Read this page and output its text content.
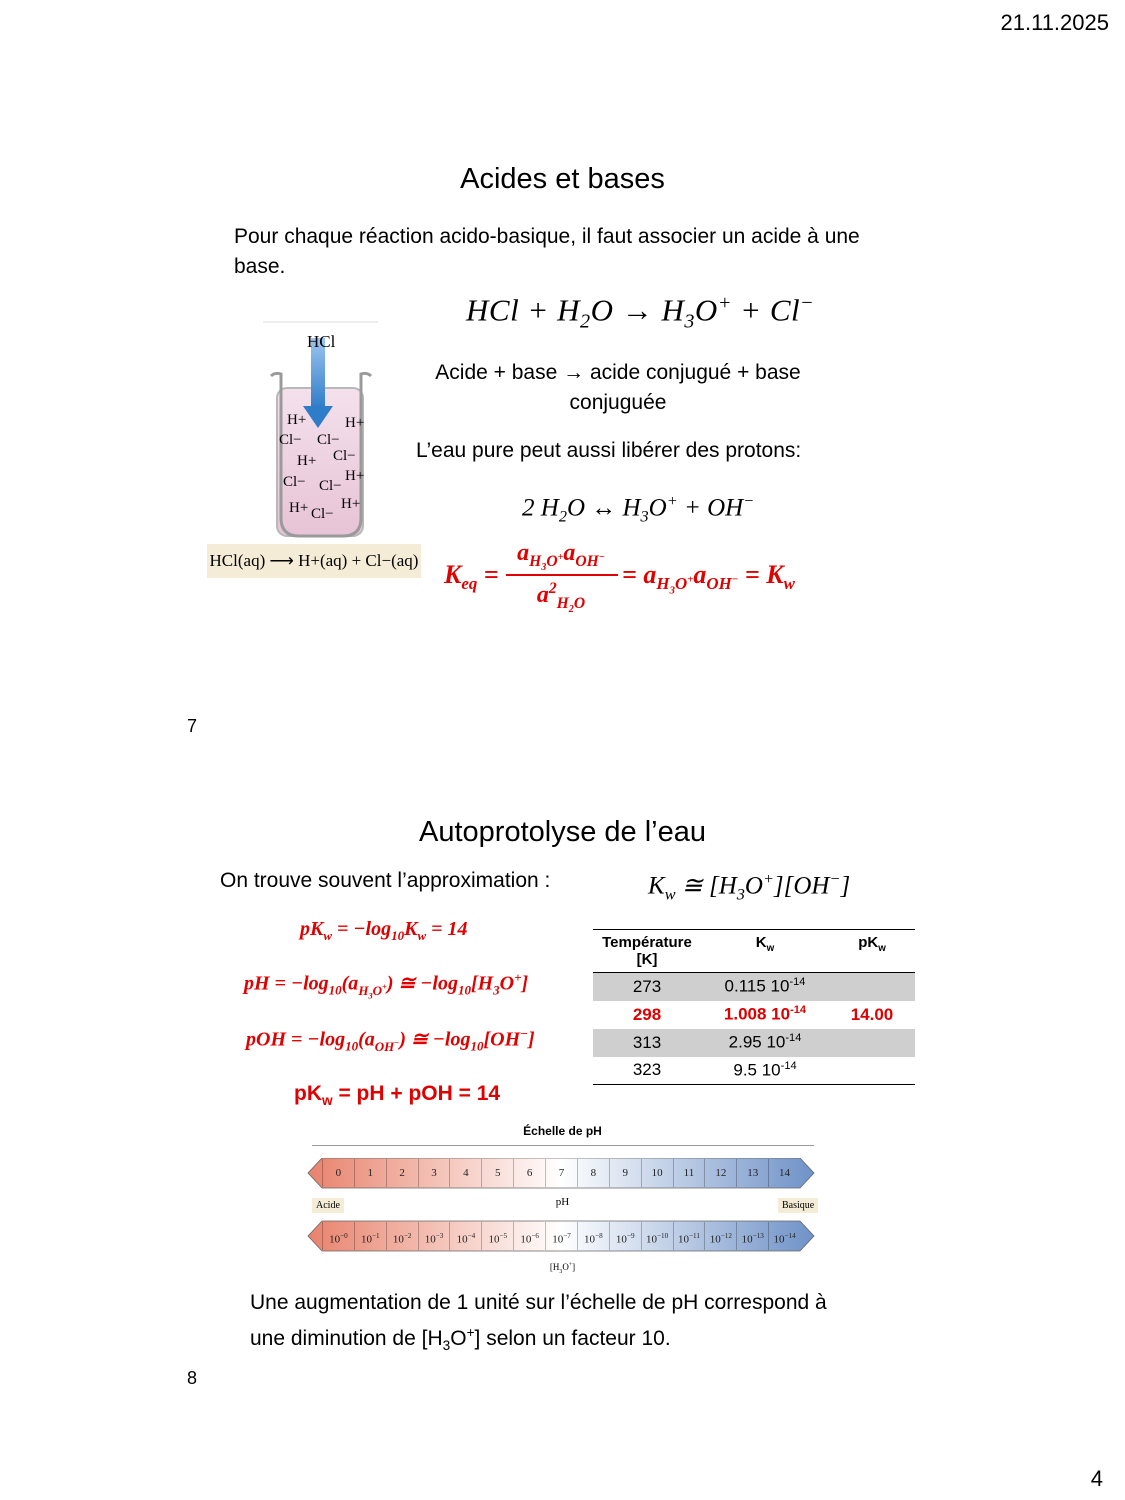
21.11.2025
4
Acides et bases
Pour chaque réaction acido-basique, il faut associer un acide à une base.
HCl + $H_2O \to H_3O^+ + Cl^-$
HCl
H+	H+
Cl− Cl−
H+ Cl−
Cl− Cl−
H+
H+ Cl−
H+
HCl(aq) ⟶ H+(aq) + Cl−(aq)
Acide + base → acide conjugué + base
conjuguée
L’eau pure peut aussi libérer des protons:
2 $H_2O$ ↔ $H_3O^+ + OH^-$
$K_{eq}$ =
$a_{H_3O^+}a_{OH^-}$
$a^2_{H_2O}$
= $a_{H_3O^+}a_{OH^-} = K_w$
7
Autoprotolyse de l’eau
On trouve souvent l’approximation :	$K_w$ ≅ $[H_3O^+][OH^-]$
$pK_w = -\log_{10}K_w = 14$
pH = $-\log_{10}(a_{H_3O^+})$ ≅ $-\log_{10}[H_3O^+]$
pOH = $-\log_{10}(a_{OH^-})$ ≅ $-\log_{10}[OH^-]$
$pK_w$ = pH + pOH = 14
Température
[K]	$K_w$	$pK_w$
273	0.115 $10^{-14}$	
298	1.008 $10^{-14}$	14.00
313	2.95 $10^{-14}$	
323	9.5 $10^{-14}$	
Échelle de pH
0	1	2	3	4	5	6	7	8	9	10	11	12	13	14
$10^{-0}$	$10^{-1}$	$10^{-2}$	$10^{-3}$	$10^{-4}$	$10^{-5}$	$10^{-6}$	$10^{-7}$	$10^{-8}$	$10^{-9}$	$10^{-10}$ $10^{-11}$ $10^{-12}$ $10^{-13}$ $10^{-14}$
Acide	Basique
pH
$[H_3O^+]$
Une augmentation de 1 unité sur l’échelle de pH correspond à
une diminution de $[H_3O^+]$ selon un facteur 10.
8
